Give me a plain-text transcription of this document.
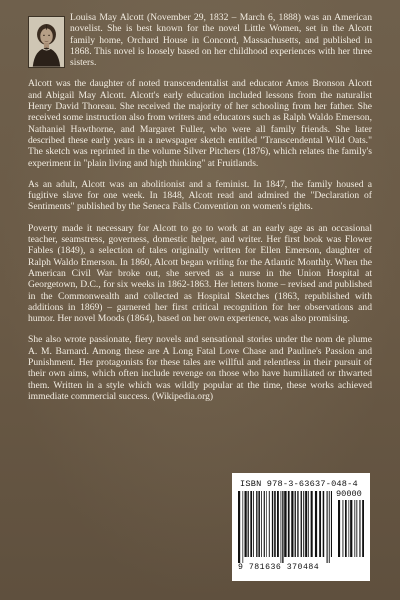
Louisa May Alcott (November 29, 1832 – March 6, 1888) was an American novelist. She is best known for the novel Little Women, set in the Alcott family home, Orchard House in Concord, Massachusetts, and published in 1868. This novel is loosely based on her childhood experiences with her three sisters.

Alcott was the daughter of noted transcendentalist and educator Amos Bronson Alcott and Abigail May Alcott. Alcott's early education included lessons from the naturalist Henry David Thoreau. She received the majority of her schooling from her father. She received some instruction also from writers and educators such as Ralph Waldo Emerson, Nathaniel Hawthorne, and Margaret Fuller, who were all family friends. She later described these early years in a newspaper sketch entitled "Transcendental Wild Oats." The sketch was reprinted in the volume Silver Pitchers (1876), which relates the family's experiment in "plain living and high thinking" at Fruitlands.

As an adult, Alcott was an abolitionist and a feminist. In 1847, the family housed a fugitive slave for one week. In 1848, Alcott read and admired the "Declaration of Sentiments" published by the Seneca Falls Convention on women's rights.

Poverty made it necessary for Alcott to go to work at an early age as an occasional teacher, seamstress, governess, domestic helper, and writer. Her first book was Flower Fables (1849), a selection of tales originally written for Ellen Emerson, daughter of Ralph Waldo Emerson. In 1860, Alcott began writing for the Atlantic Monthly. When the American Civil War broke out, she served as a nurse in the Union Hospital at Georgetown, D.C., for six weeks in 1862-1863. Her letters home – revised and published in the Commonwealth and collected as Hospital Sketches (1863, republished with additions in 1869) – garnered her first critical recognition for her observations and humor. Her novel Moods (1864), based on her own experience, was also promising.

She also wrote passionate, fiery novels and sensational stories under the nom de plume A. M. Barnard. Among these are A Long Fatal Love Chase and Pauline's Passion and Punishment. Her protagonists for these tales are willful and relentless in their pursuit of their own aims, which often include revenge on those who have humiliated or thwarted them. Written in a style which was wildly popular at the time, these works achieved immediate commercial success. (Wikipedia.org)

ISBN 978-3-63637-048-4
90000
9 781636 370484
